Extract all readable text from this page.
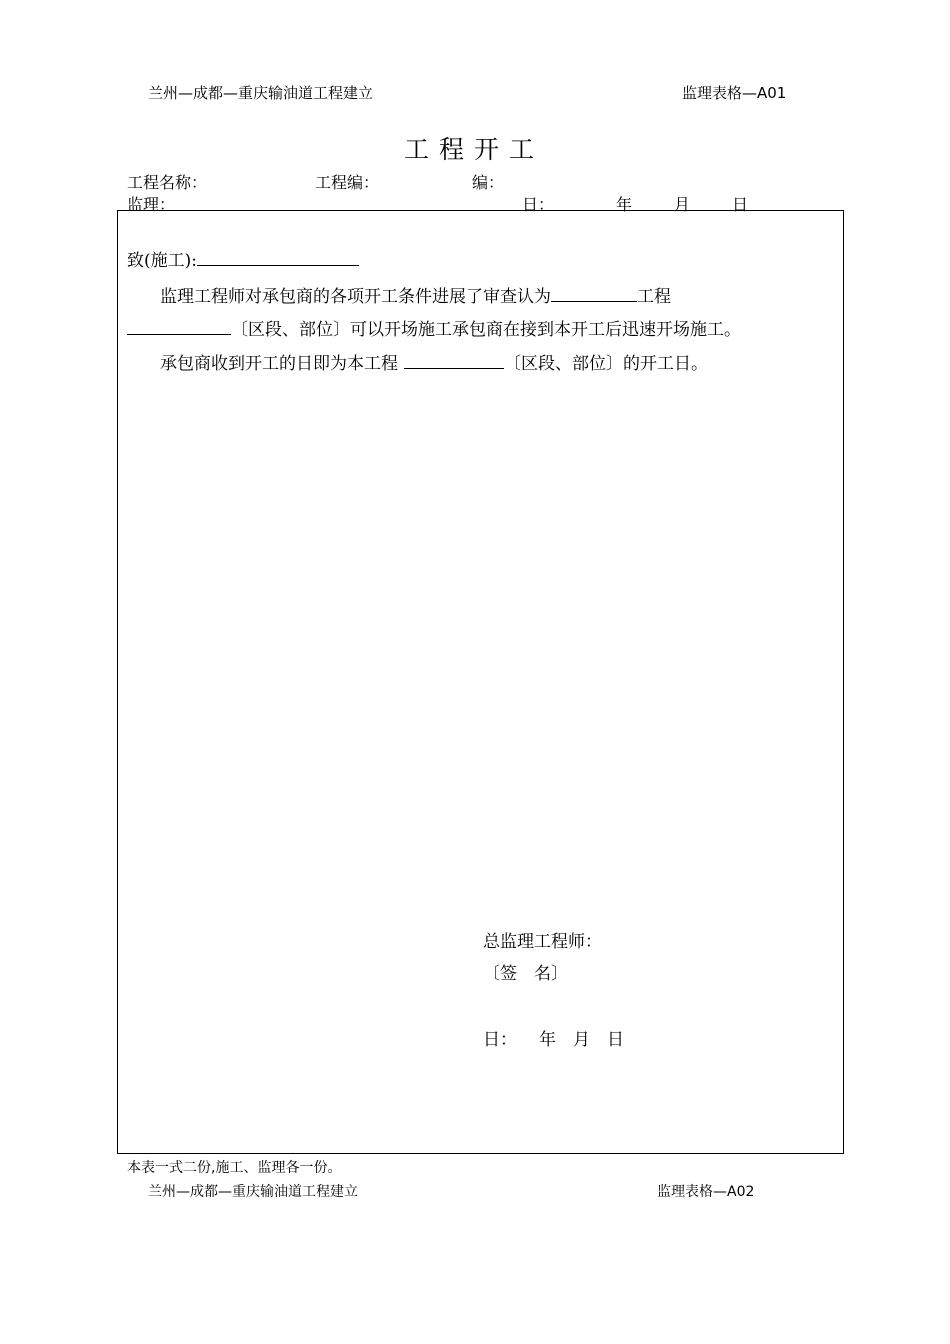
兰州—成都—重庆输油道工程建立	监理表格—A01
工程开工
工程名称：	工程编：	编：
监理：	日：	年	月	日
致(施工):
监理工程师对承包商的各项开工条件进展了审查认为	工程
〔区段、部位〕可以开场施工承包商在接到本开工后迅速开场施工。
承包商收到开工的日即为本工程	〔区段、部位〕的开工日。
总监理工程师：
〔签　名〕
日： 年　月　日
本表一式二份,施工、监理各一份。
兰州—成都—重庆输油道工程建立	监理表格—A02
